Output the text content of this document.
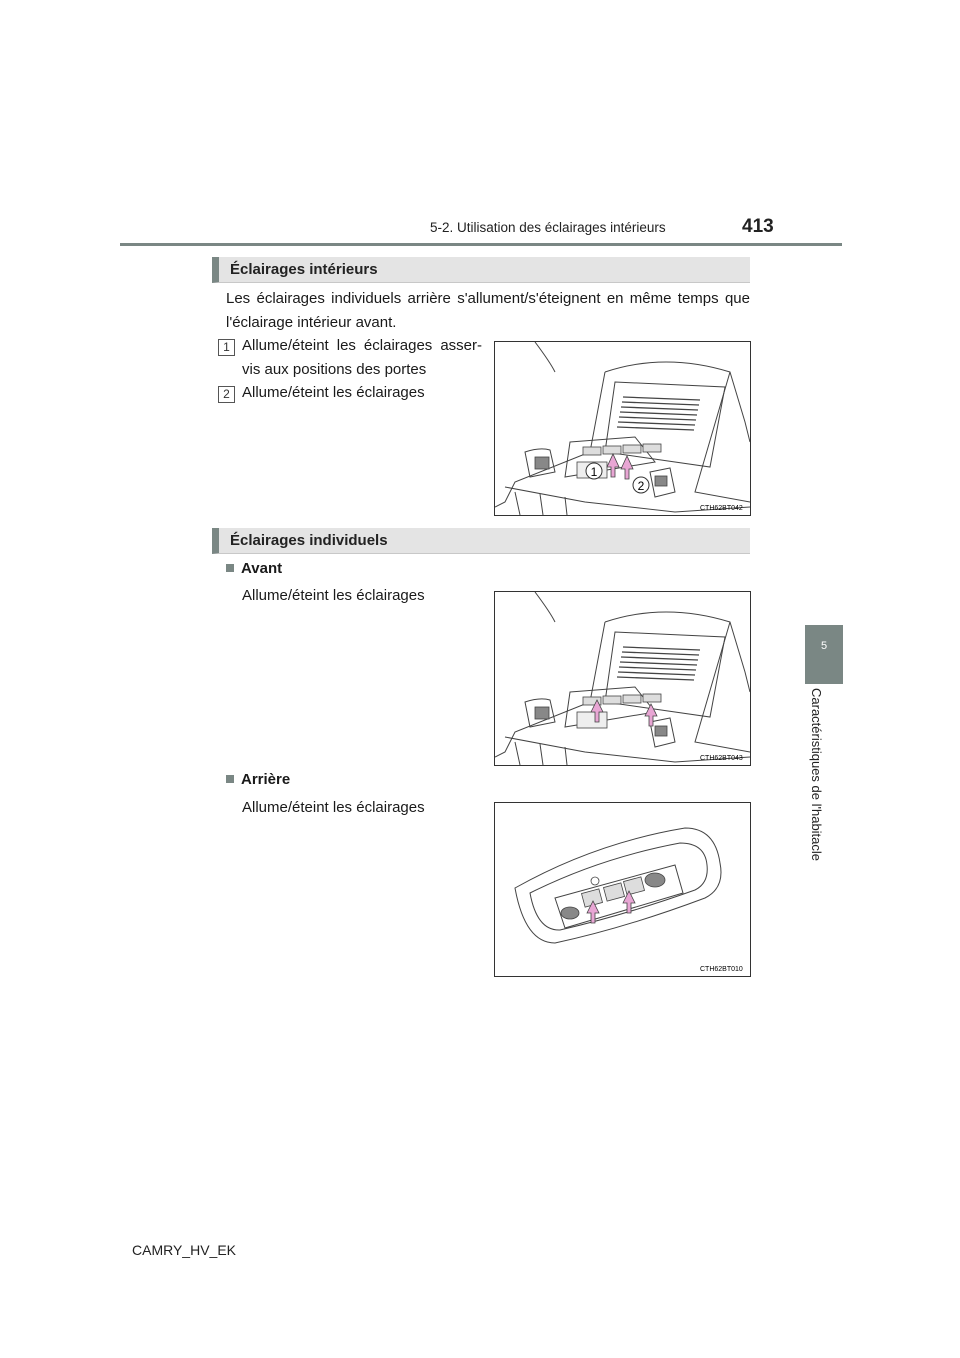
5-2. Utilisation des éclairages intérieurs	413
5
Caractéristiques de l'habitacle
Éclairages intérieurs
Les éclairages individuels arrière s'allument/s'éteignent en même temps que l'éclairage intérieur avant.
1 Allume/éteint les éclairages asser-vis aux positions des portes
2 Allume/éteint les éclairages
1
2
CTH62BT042
Éclairages individuels
Avant
Allume/éteint les éclairages
CTH62BT043
Arrière
Allume/éteint les éclairages
CTH62BT010
CAMRY_HV_EK
